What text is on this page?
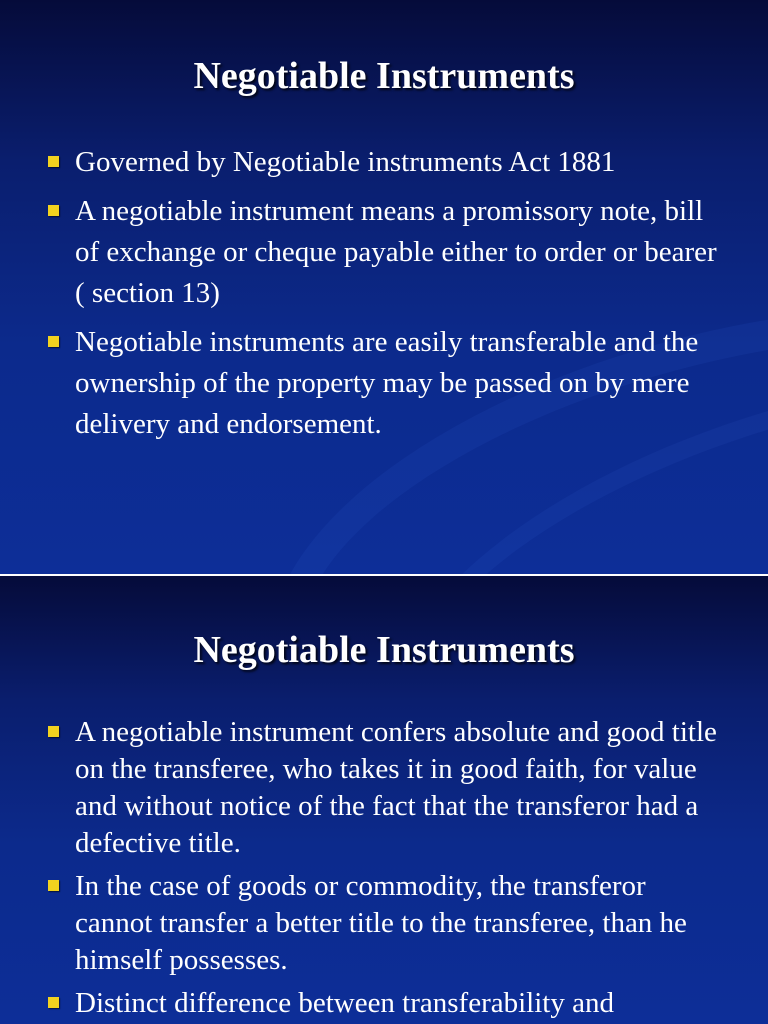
Negotiable Instruments
Governed by Negotiable instruments Act 1881
A negotiable instrument means a promissory note, bill of exchange or cheque payable either to order or bearer ( section 13)
Negotiable instruments are easily transferable and the ownership of the property may be passed on by mere delivery and endorsement.
Negotiable Instruments
A negotiable instrument confers absolute and good title on the transferee, who takes it in good faith, for value and without notice of the fact that the transferor had a defective title.
In the case of goods or commodity, the transferor cannot transfer a better title to the transferee, than he himself possesses.
Distinct difference between transferability and
